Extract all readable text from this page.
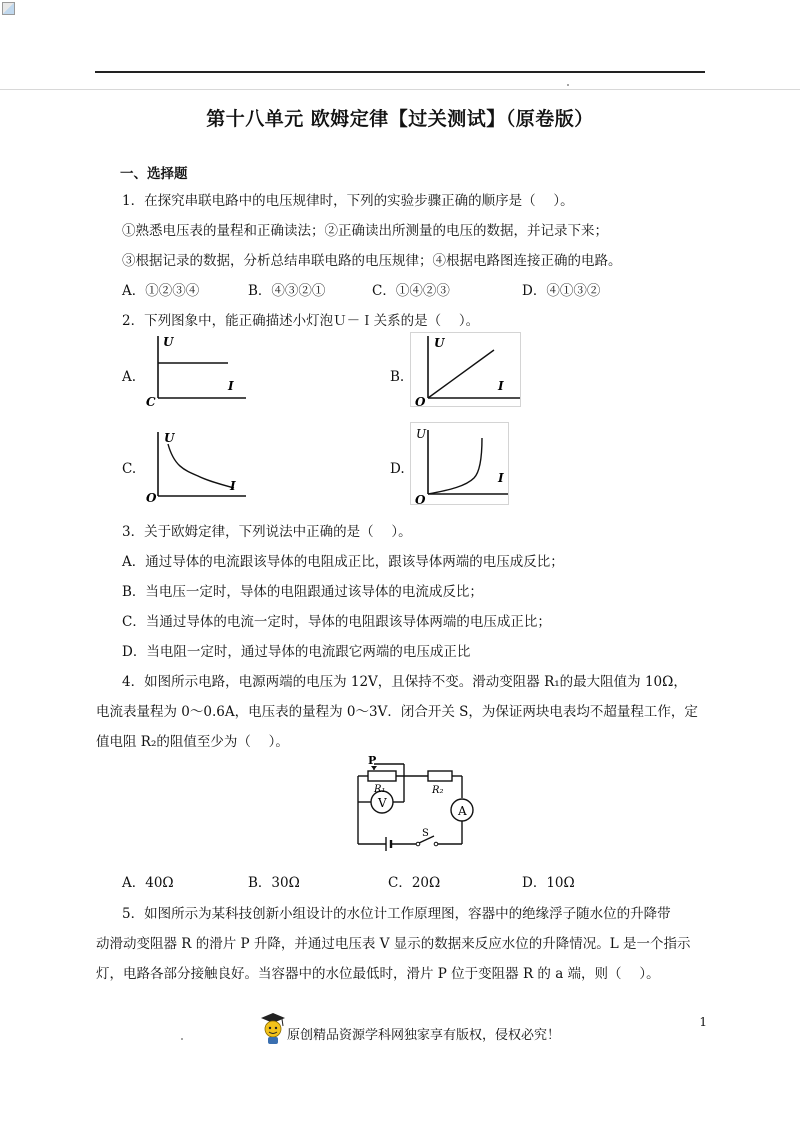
第十八单元 欧姆定律【过关测试】（原卷版）
一、选择题
1．在探究串联电路中的电压规律时，下列的实验步骤正确的顺序是（　 ）。
①熟悉电压表的量程和正确读法；②正确读出所测量的电压的数据，并记录下来；
③根据记录的数据，分析总结串联电路的电压规律；④根据电路图连接正确的电路。
A．①②③④	B．④③②①	C．①④②③	D．④①③②
2．下列图象中，能正确描述小灯泡Ｕ－Ｉ关系的是（　 ）。
A.
U
I
C
B.
U
I
O
C.
U
I
O
D.
U
I
O
3．关于欧姆定律，下列说法中正确的是（　 ）。
A．通过导体的电流跟该导体的电阻成正比，跟该导体两端的电压成反比；
B．当电压一定时，导体的电阻跟通过该导体的电流成反比；
C．当通过导体的电流一定时，导体的电阻跟该导体两端的电压成正比；
D．当电阻一定时，通过导体的电流跟它两端的电压成正比
4．如图所示电路，电源两端的电压为 12V，且保持不变。滑动变阻器 R₁的最大阻值为 10Ω，
电流表量程为 0～0.6A，电压表的量程为 0～3V．闭合开关 S，为保证两块电表均不超量程工作，定
值电阻 R₂的阻值至少为（　 ）。
A
S
P
V
R₁	R₂
A．40Ω	B．30Ω	C．20Ω	D．10Ω
5．如图所示为某科技创新小组设计的水位计工作原理图，容器中的绝缘浮子随水位的升降带
动滑动变阻器 R 的滑片 P 升降，并通过电压表 V 显示的数据来反应水位的升降情况。L 是一个指示
灯，电路各部分接触良好。当容器中的水位最低时，滑片 P 位于变阻器 R 的 a 端，则（　 ）。
1
原创精品资源学科网独家享有版权，侵权必究！
